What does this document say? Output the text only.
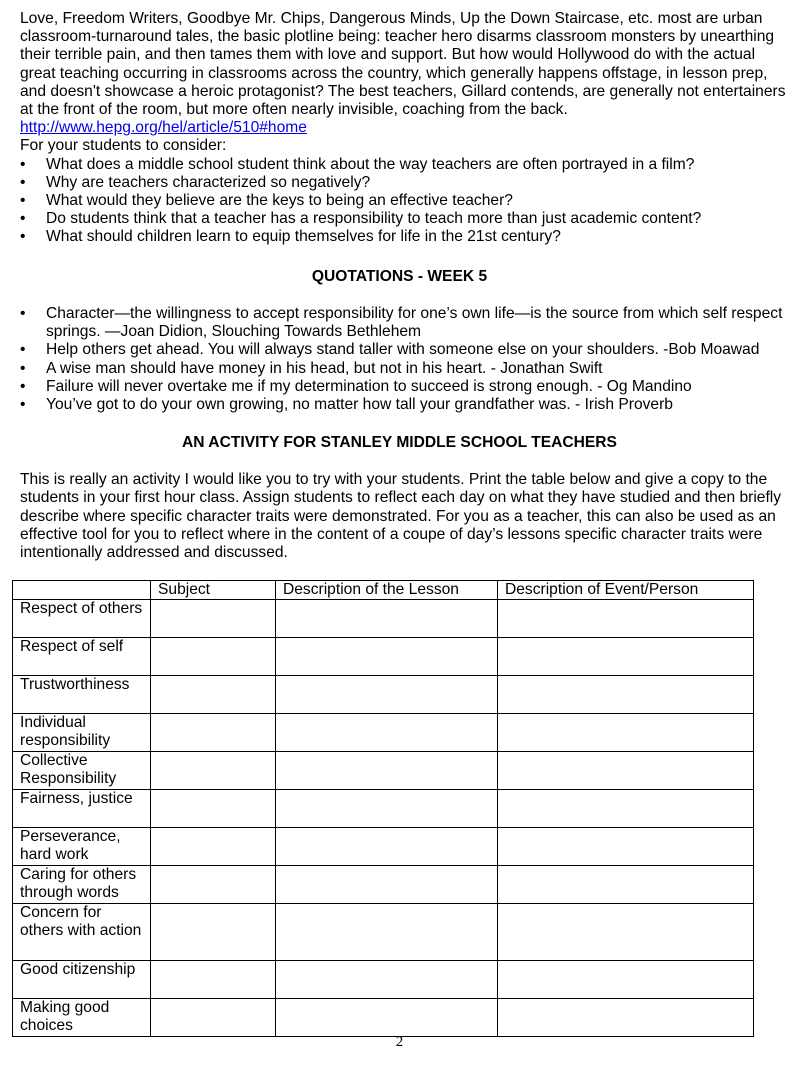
Love, Freedom Writers, Goodbye Mr. Chips, Dangerous Minds, Up the Down Staircase, etc. most are urban classroom-turnaround tales, the basic plotline being: teacher hero disarms classroom monsters by unearthing their terrible pain, and then tames them with love and support. But how would Hollywood do with the actual great teaching occurring in classrooms across the country, which generally happens offstage, in lesson prep, and doesn't showcase a heroic protagonist? The best teachers, Gillard contends, are generally not entertainers at the front of the room, but more often nearly invisible, coaching from the back.

http://www.hepg.org/hel/article/510#home

For your students to consider:

•	What does a middle school student think about the way teachers are often portrayed in a film?
•	Why are teachers characterized so negatively?
•	What would they believe are the keys to being an effective teacher?
•	Do students think that a teacher has a responsibility to teach more than just academic content?
•	What should children learn to equip themselves for life in the 21st century?
QUOTATIONS - WEEK 5
•	Character—the willingness to accept responsibility for one’s own life—is the source from which self respect springs. —Joan Didion, Slouching Towards Bethlehem
•	Help others get ahead. You will always stand taller with someone else on your shoulders. -Bob Moawad
•	A wise man should have money in his head, but not in his heart. - Jonathan Swift
•	Failure will never overtake me if my determination to succeed is strong enough. - Og Mandino
•	You’ve got to do your own growing, no matter how tall your grandfather was. - Irish Proverb
AN ACTIVITY FOR STANLEY MIDDLE SCHOOL TEACHERS

This is really an activity I would like you to try with your students. Print the table below and give a copy to the students in your first hour class. Assign students to reflect each day on what they have studied and then briefly describe where specific character traits were demonstrated. For you as a teacher, this can also be used as an effective tool for you to reflect where in the content of a coupe of day’s lessons specific character traits were intentionally addressed and discussed.

	Subject	Description of the Lesson	Description of Event/Person
Respect of others			
Respect of self			
Trustworthiness			
Individual responsibility			
Collective Responsibility			
Fairness, justice			
Perseverance, hard work			
Caring for others through words			
Concern for others with action			
Good citizenship			
Making good choices			
2
